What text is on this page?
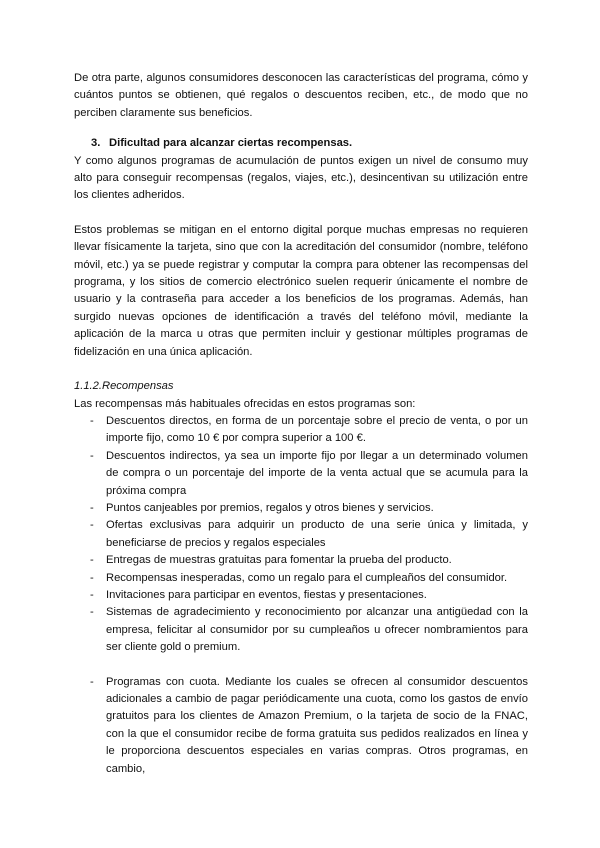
De otra parte, algunos consumidores desconocen las características del programa, cómo y cuántos puntos se obtienen, qué regalos o descuentos reciben, etc., de modo que no perciben claramente sus beneficios.

3. Dificultad para alcanzar ciertas recompensas.

Y como algunos programas de acumulación de puntos exigen un nivel de consumo muy alto para conseguir recompensas (regalos, viajes, etc.), desincentivan su utilización entre los clientes adheridos.

Estos problemas se mitigan en el entorno digital porque muchas empresas no requieren llevar físicamente la tarjeta, sino que con la acreditación del consumidor (nombre, teléfono móvil, etc.) ya se puede registrar y computar la compra para obtener las recompensas del programa, y los sitios de comercio electrónico suelen requerir únicamente el nombre de usuario y la contraseña para acceder a los beneficios de los programas. Además, han surgido nuevas opciones de identificación a través del teléfono móvil, mediante la aplicación de la marca u otras que permiten incluir y gestionar múltiples programas de fidelización en una única aplicación.

1.1.2.Recompensas

Las recompensas más habituales ofrecidas en estos programas son:

-	Descuentos directos, en forma de un porcentaje sobre el precio de venta, o por un importe fijo, como 10 € por compra superior a 100 €.
-	Descuentos indirectos, ya sea un importe fijo por llegar a un determinado volumen de compra o un porcentaje del importe de la venta actual que se acumula para la próxima compra
-	Puntos canjeables por premios, regalos y otros bienes y servicios.
-	Ofertas exclusivas para adquirir un producto de una serie única y limitada, y beneficiarse de precios y regalos especiales
-	Entregas de muestras gratuitas para fomentar la prueba del producto.
-	Recompensas inesperadas, como un regalo para el cumpleaños del consumidor.
-	Invitaciones para participar en eventos, fiestas y presentaciones.
-	Sistemas de agradecimiento y reconocimiento por alcanzar una antigüedad con la empresa, felicitar al consumidor por su cumpleaños u ofrecer nombramientos para ser cliente gold o premium.
-	Programas con cuota. Mediante los cuales se ofrecen al consumidor descuentos adicionales a cambio de pagar periódicamente una cuota, como los gastos de envío gratuitos para los clientes de Amazon Premium, o la tarjeta de socio de la FNAC, con la que el consumidor recibe de forma gratuita sus pedidos realizados en línea y le proporciona descuentos especiales en varias compras. Otros programas, en cambio,
